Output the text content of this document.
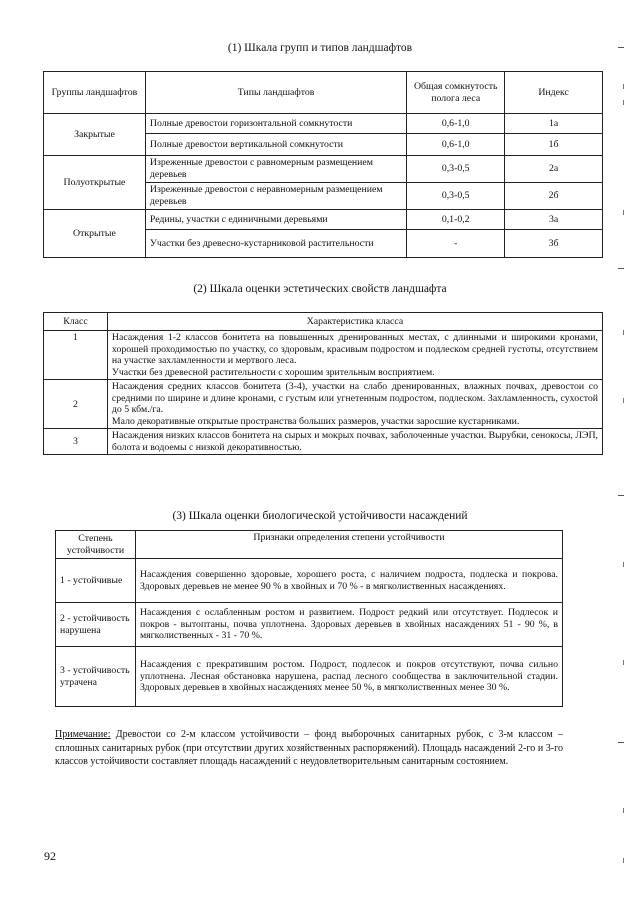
(1) Шкала групп и типов ландшафтов
Группы ландшафтов	Типы ландшафтов	Общая сомкнутость полога леса	Индекс
Закрытые	Полные древостои горизонтальной сомкнутости	0,6-1,0	1а
	Полные древостои вертикальной сомкнутости	0,6-1,0	1б
Полуоткрытые	Изреженные древостои с равномерным размещением деревьев	0,3-0,5	2а
	Изреженные древостои с неравномерным размещением деревьев	0,3-0,5	2б
Открытые	Редины, участки с единичными деревьями	0,1-0,2	3а
	Участки без древесно-кустарниковой растительности	-	3б
(2) Шкала оценки эстетических свойств ландшафта
Класс	Характеристика класса
1	Насаждения 1-2 классов бонитета на повышенных дренированных местах, с длинными и широкими кронами, хорошей проходимостью по участку, со здоровым, красивым подростом и подлеском средней густоты, отсутствием на участке захламленности и мертвого леса.

Участки без древесной растительности с хорошим зрительным восприятием.

2	Насаждения средних классов бонитета (3-4), участки на слабо дренированных, влажных почвах, древостои со средними по ширине и длине кронами, с густым или угнетенным подростом, подлеском. Захламленность, сухостой до 5 кбм./га.

Мало декоративные открытые пространства больших размеров, участки заросшие кустарниками.

3	Насаждения низких классов бонитета на сырых и мокрых почвах, заболоченные участки. Вырубки, сенокосы, ЛЭП, болота и водоемы с низкой декоративностью.

(3) Шкала оценки биологической устойчивости насаждений
Степень устойчивости	Признаки определения степени устойчивости
1 - устойчивые	Насаждения совершенно здоровые, хорошего роста, с наличием подроста, подлеска и покрова. Здоровых деревьев не менее 90 % в хвойных и 70 % - в мягколиственных насаждениях.
2 - устойчивость нарушена	Насаждения с ослабленным ростом и развитием. Подрост редкий или отсутствует. Подлесок и покров - вытоптаны, почва уплотнена. Здоровых деревьев в хвойных насаждениях 51 - 90 %, в мягколиственных - 31 - 70 %.
3 - устойчивость утрачена	Насаждения с прекратившим ростом. Подрост, подлесок и покров отсутствуют, почва сильно уплотнена. Лесная обстановка нарушена, распад лесного сообщества в заключительной стадии. Здоровых деревьев в хвойных насаждениях менее 50 %, в мягколиственных менее 30 %.

Примечание: Древостои со 2-м классом устойчивости – фонд выборочных санитарных рубок, с 3-м классом – сплошных санитарных рубок (при отсутствии других хозяйственных распоряжений). Площадь насаждений 2-го и 3-го классов устойчивости составляет площадь насаждений с неудовлетворительным санитарным состоянием.

92
